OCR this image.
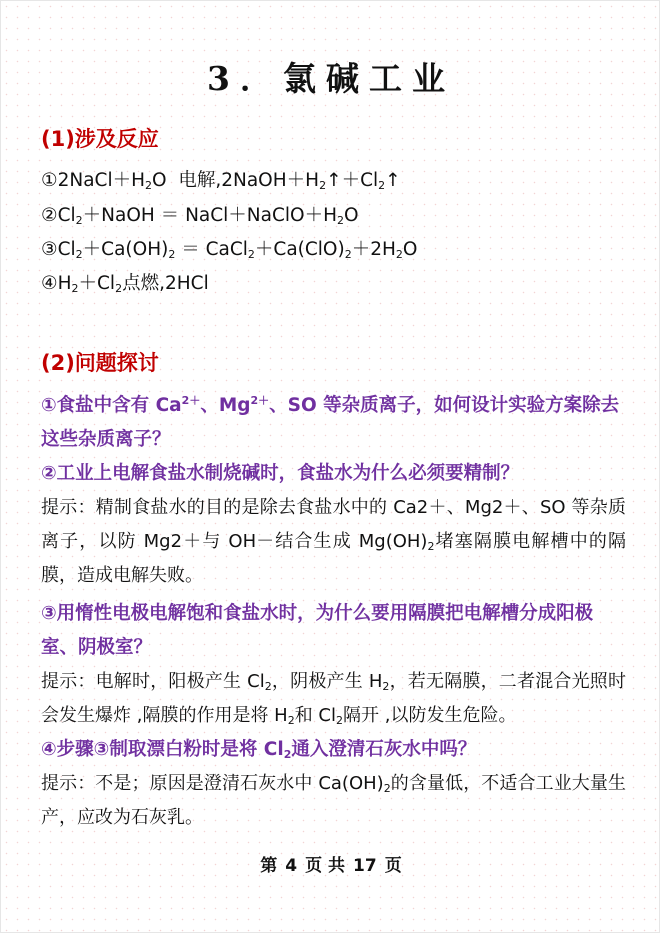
3．氯碱工业
(1)涉及反应
$①2NaCl+H_2O$ 电解$,2NaOH+H_2↑+Cl_2↑$
$②Cl_2+NaOH$ ＝ $NaCl+NaClO+H_2O$
$③Cl_2+Ca(OH)_2$ ＝ $CaCl_2+Ca(ClO)_2+2H_2O$
$④H_2+Cl_2$点燃,2HCl
(2)问题探讨
①食盐中含有 $Ca^{2+}$、$Mg^{2+}$、SO 等杂质离子，如何设计实验方案除去这些杂质离子？
②工业上电解食盐水制烧碱时，食盐水为什么必须要精制？
提示：精制食盐水的目的是除去食盐水中的 Ca2＋、Mg2＋、SO 等杂质离子，以防 Mg2＋与 OH－结合生成 $Mg(OH)_2$堵塞隔膜电解槽中的隔膜，造成电解失败。
③用惰性电极电解饱和食盐水时，为什么要用隔膜把电解槽分成阳极室、阴极室？
提示：电解时，阳极产生 $Cl_2$，阴极产生 $H_2$，若无隔膜，二者混合光照时会发生爆炸 ,隔膜的作用是将 $H_2$和 $Cl_2$隔开 ,以防发生危险。
④步骤③制取漂白粉时是将 $Cl_2$通入澄清石灰水中吗？
提示：不是；原因是澄清石灰水中 $Ca(OH)_2$的含量低，不适合工业大量生产，应改为石灰乳。
第 4 页 共 17 页
